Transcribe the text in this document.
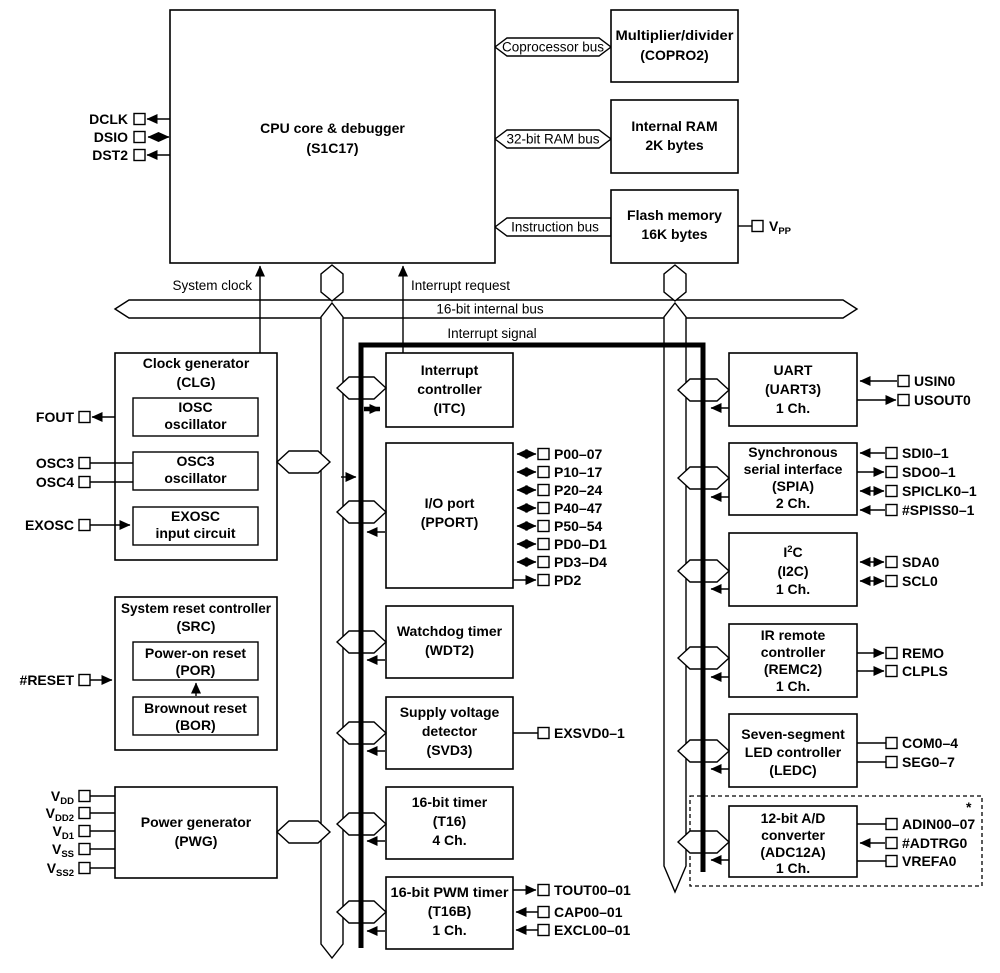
Coprocessor bus
32-bit RAM bus
Instruction bus
16-bit internal bus
System clock	Interrupt request
CPU core & debugger
(S1C17)
Multiplier/divider
(COPRO2)
Internal RAM
2K bytes
Flash memory
16K bytes
Clock generator
(CLG)
IOSC
oscillator
OSC3
oscillator
EXOSC
input circuit
System reset controller
(SRC)
Power-on reset
(POR)
Brownout reset
(BOR)
Power generator
(PWG)
Interrupt
controller
(ITC)
I/O port
(PPORT)
Watchdog timer
(WDT2)
Supply voltage
detector
(SVD3)
16-bit timer
(T16)
4 Ch.
16-bit PWM timer
(T16B)
1 Ch.
UART
(UART3)
1 Ch.
Synchronous
serial interface
(SPIA)
2 Ch.
$I^2C$
(I2C)
1 Ch.
IR remote
controller
(REMC2)
1 Ch.
Seven-segment
LED controller
(LEDC)
*
12-bit A/D
converter
(ADC12A)
1 Ch.
Interrupt signal
DCLK
DSIO
DST2
$V_{PP}$
FOUT
OSC3
OSC4
EXOSC
#RESET
$V_{DD}$
$V_{DD2}$
$V_{D1}$
$V_{SS}$
$V_{SS2}$
P00–07
P10–17
P20–24
P40–47
P50–54
PD0–D1
PD3–D4
PD2
EXSVD0–1
TOUT00–01
CAP00–01
EXCL00–01
USIN0
USOUT0
SDI0–1
SDO0–1
SPICLK0–1
#SPISS0–1
SDA0
SCL0
REMO
CLPLS
COM0–4
SEG0–7
ADIN00–07
#ADTRG0
VREFA0
